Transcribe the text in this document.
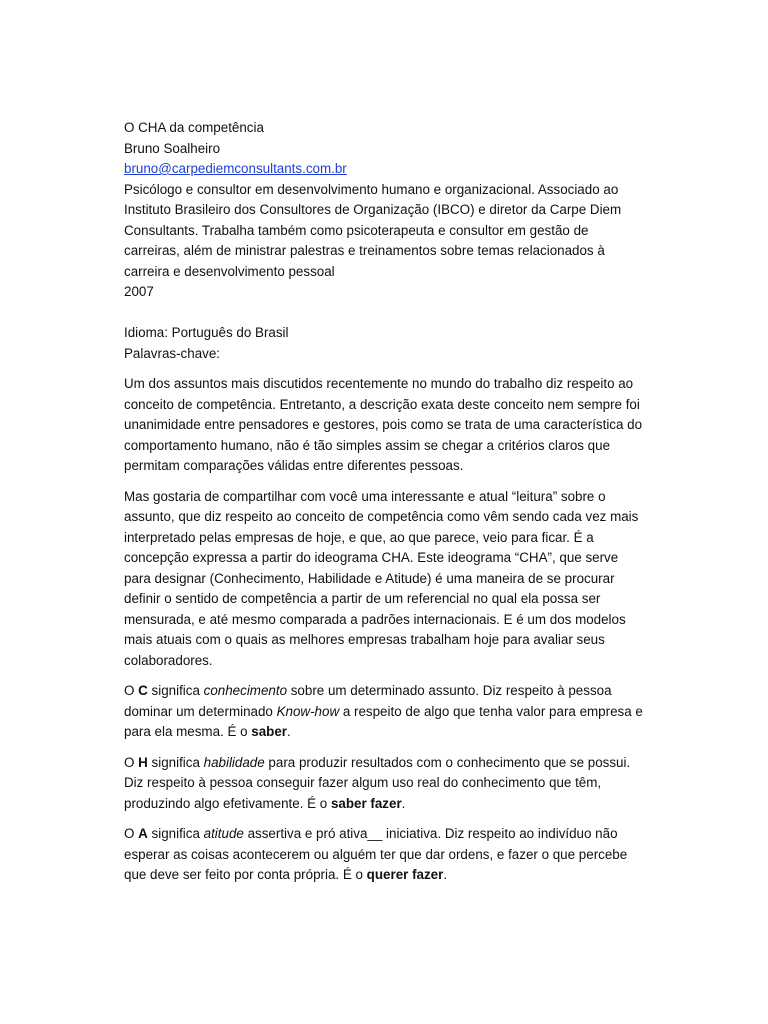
O CHA da competência
Bruno Soalheiro
bruno@carpediemconsultants.com.br
Psicólogo e consultor em desenvolvimento humano e organizacional. Associado ao Instituto Brasileiro dos Consultores de Organização (IBCO) e diretor da Carpe Diem Consultants. Trabalha também como psicoterapeuta e consultor em gestão de carreiras, além de ministrar palestras e treinamentos sobre temas relacionados à carreira e desenvolvimento pessoal
2007
Idioma: Português do Brasil
Palavras-chave:

Um dos assuntos mais discutidos recentemente no mundo do trabalho diz respeito ao conceito de competência. Entretanto, a descrição exata deste conceito nem sempre foi unanimidade entre pensadores e gestores, pois como se trata de uma característica do comportamento humano, não é tão simples assim se chegar a critérios claros que permitam comparações válidas entre diferentes pessoas.

Mas gostaria de compartilhar com você uma interessante e atual “leitura” sobre o assunto, que diz respeito ao conceito de competência como vêm sendo cada vez mais interpretado pelas empresas de hoje, e que, ao que parece, veio para ficar. É a concepção expressa a partir do ideograma CHA. Este ideograma “CHA”, que serve para designar (Conhecimento, Habilidade e Atitude) é uma maneira de se procurar definir o sentido de competência a partir de um referencial no qual ela possa ser mensurada, e até mesmo comparada a padrões internacionais. E é um dos modelos mais atuais com o quais as melhores empresas trabalham hoje para avaliar seus colaboradores.

O C significa conhecimento sobre um determinado assunto. Diz respeito à pessoa dominar um determinado Know-how a respeito de algo que tenha valor para empresa e para ela mesma. É o saber.

O H significa habilidade para produzir resultados com o conhecimento que se possui. Diz respeito à pessoa conseguir fazer algum uso real do conhecimento que têm, produzindo algo efetivamente. É o saber fazer.

O A significa atitude assertiva e pró ativa__ iniciativa. Diz respeito ao indivíduo não esperar as coisas acontecerem ou alguém ter que dar ordens, e fazer o que percebe que deve ser feito por conta própria. É o querer fazer.
